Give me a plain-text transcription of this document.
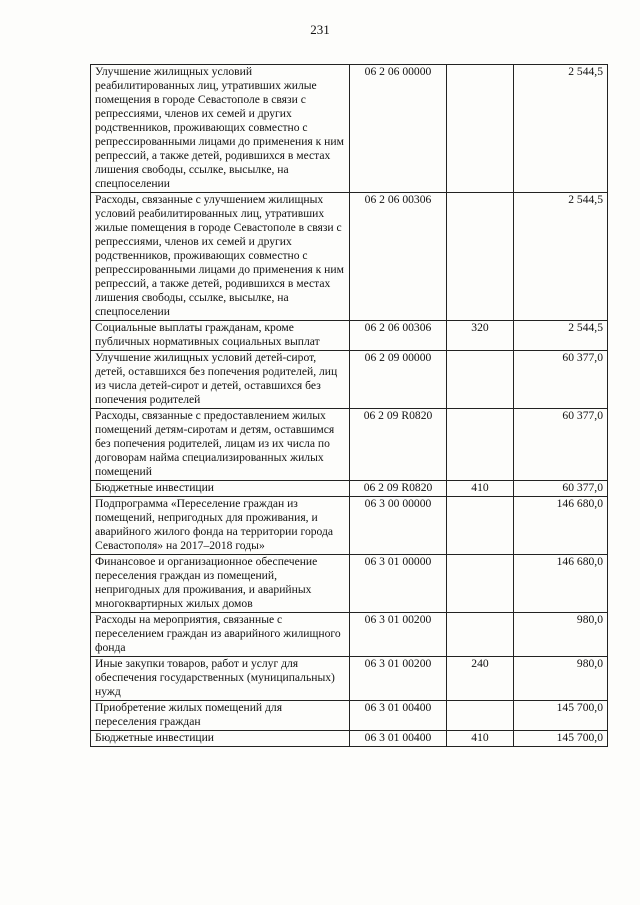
231
Улучшение жилищных условий реабилитированных лиц, утративших жилые помещения в городе Севастополе в связи с репрессиями, членов их семей и других родственников, проживающих совместно с репрессированными лицами до применения к ним репрессий, а также детей, родившихся в местах лишения свободы, ссылке, высылке, на спецпоселении	06 2 06 00000		2 544,5
Расходы, связанные с улучшением жилищных условий реабилитированных лиц, утративших жилые помещения в городе Севастополе в связи с репрессиями, членов их семей и других родственников, проживающих совместно с репрессированными лицами до применения к ним репрессий, а также детей, родившихся в местах лишения свободы, ссылке, высылке, на спецпоселении	06 2 06 00306		2 544,5
Социальные выплаты гражданам, кроме публичных нормативных социальных выплат	06 2 06 00306	320	2 544,5
Улучшение жилищных условий детей-сирот, детей, оставшихся без попечения родителей, лиц из числа детей-сирот и детей, оставшихся без попечения родителей	06 2 09 00000		60 377,0
Расходы, связанные с предоставлением жилых помещений детям-сиротам и детям, оставшимся без попечения родителей, лицам из их числа по договорам найма специализированных жилых помещений	06 2 09 R0820		60 377,0
Бюджетные инвестиции	06 2 09 R0820	410	60 377,0
Подпрограмма «Переселение граждан из помещений, непригодных для проживания, и аварийного жилого фонда на территории города Севастополя» на 2017–2018 годы»	06 3 00 00000		146 680,0
Финансовое и организационное обеспечение переселения граждан из помещений, непригодных для проживания, и аварийных многоквартирных жилых домов	06 3 01 00000		146 680,0
Расходы на мероприятия, связанные с переселением граждан из аварийного жилищного фонда	06 3 01 00200		980,0
Иные закупки товаров, работ и услуг для обеспечения государственных (муниципальных) нужд	06 3 01 00200	240	980,0
Приобретение жилых помещений для переселения граждан	06 3 01 00400		145 700,0
Бюджетные инвестиции	06 3 01 00400	410	145 700,0
